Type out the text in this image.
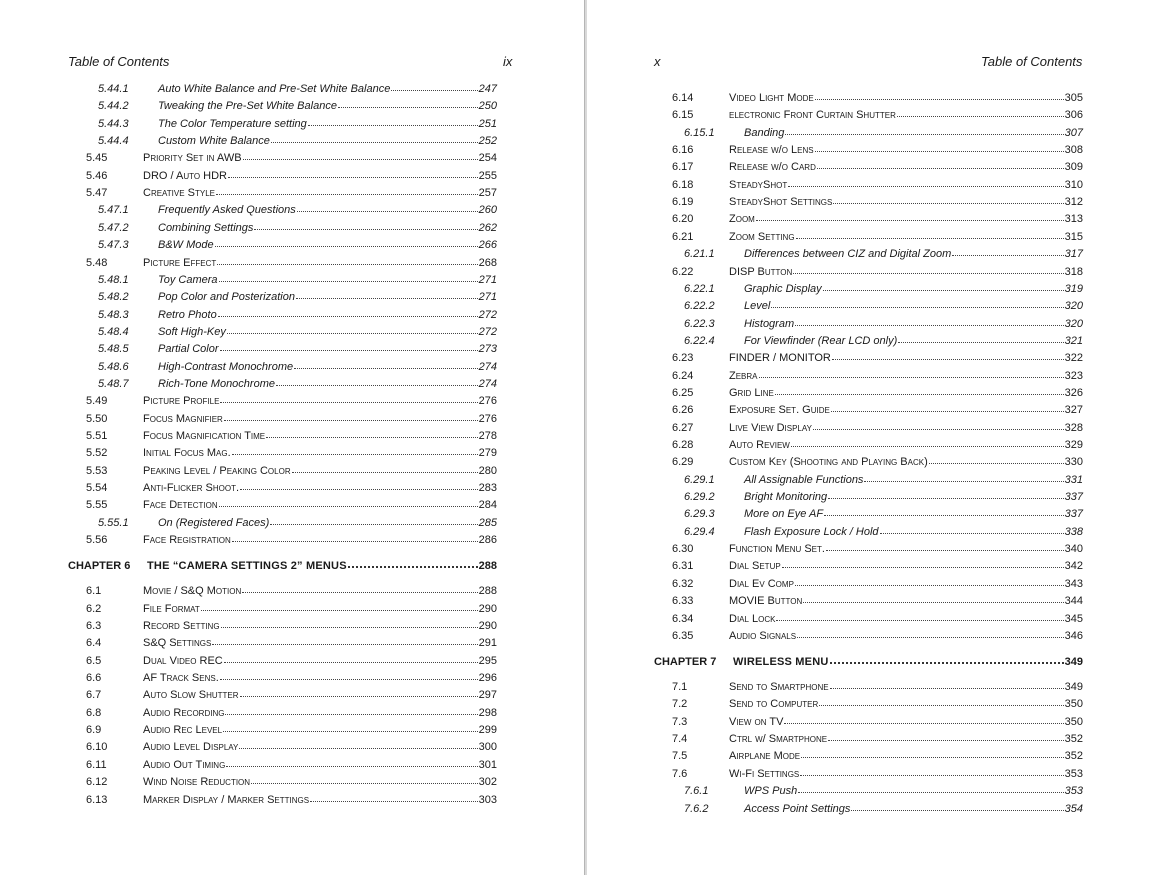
Table of Contents	ix
5.44.1	Auto White Balance and Pre-Set White Balance	247
5.44.2	Tweaking the Pre-Set White Balance	250
5.44.3	The Color Temperature setting	251
5.44.4	Custom White Balance	252
5.45	Priority Set in AWB	254
5.46	DRO / Auto HDR	255
5.47	Creative Style	257
5.47.1	Frequently Asked Questions	260
5.47.2	Combining Settings	262
5.47.3	B&W Mode	266
5.48	Picture Effect	268
5.48.1	Toy Camera	271
5.48.2	Pop Color and Posterization	271
5.48.3	Retro Photo	272
5.48.4	Soft High-Key	272
5.48.5	Partial Color	273
5.48.6	High-Contrast Monochrome	274
5.48.7	Rich-Tone Monochrome	274
5.49	Picture Profile	276
5.50	Focus Magnifier	276
5.51	Focus Magnification Time	278
5.52	Initial Focus Mag.	279
5.53	Peaking Level / Peaking Color	280
5.54	Anti-Flicker Shoot.	283
5.55	Face Detection	284
5.55.1	On (Registered Faces)	285
5.56	Face Registration	286
CHAPTER 6	THE “CAMERA SETTINGS 2” MENUS	288
6.1	Movie / S&Q Motion	288
6.2	File Format	290
6.3	Record Setting	290
6.4	S&Q Settings	291
6.5	Dual Video REC	295
6.6	AF Track Sens.	296
6.7	Auto Slow Shutter	297
6.8	Audio Recording	298
6.9	Audio Rec Level	299
6.10	Audio Level Display	300
6.11	Audio Out Timing	301
6.12	Wind Noise Reduction	302
6.13	Marker Display / Marker Settings	303
x	Table of Contents
6.14	Video Light Mode	305
6.15	electronic Front Curtain Shutter	306
6.15.1	Banding	307
6.16	Release w/o Lens	308
6.17	Release w/o Card	309
6.18	SteadyShot	310
6.19	SteadyShot Settings	312
6.20	Zoom	313
6.21	Zoom Setting	315
6.21.1	Differences between CIZ and Digital Zoom	317
6.22	DISP Button	318
6.22.1	Graphic Display	319
6.22.2	Level	320
6.22.3	Histogram	320
6.22.4	For Viewfinder (Rear LCD only)	321
6.23	FINDER / MONITOR	322
6.24	Zebra	323
6.25	Grid Line	326
6.26	Exposure Set. Guide	327
6.27	Live View Display	328
6.28	Auto Review	329
6.29	Custom Key (Shooting and Playing Back)	330
6.29.1	All Assignable Functions	331
6.29.2	Bright Monitoring	337
6.29.3	More on Eye AF	337
6.29.4	Flash Exposure Lock / Hold	338
6.30	Function Menu Set.	340
6.31	Dial Setup	342
6.32	Dial Ev Comp	343
6.33	MOVIE Button	344
6.34	Dial Lock	345
6.35	Audio Signals	346
CHAPTER 7	WIRELESS MENU	349
7.1	Send to Smartphone	349
7.2	Send to Computer	350
7.3	View on TV	350
7.4	Ctrl w/ Smartphone	352
7.5	Airplane Mode	352
7.6	Wi-Fi Settings	353
7.6.1	WPS Push	353
7.6.2	Access Point Settings	354
